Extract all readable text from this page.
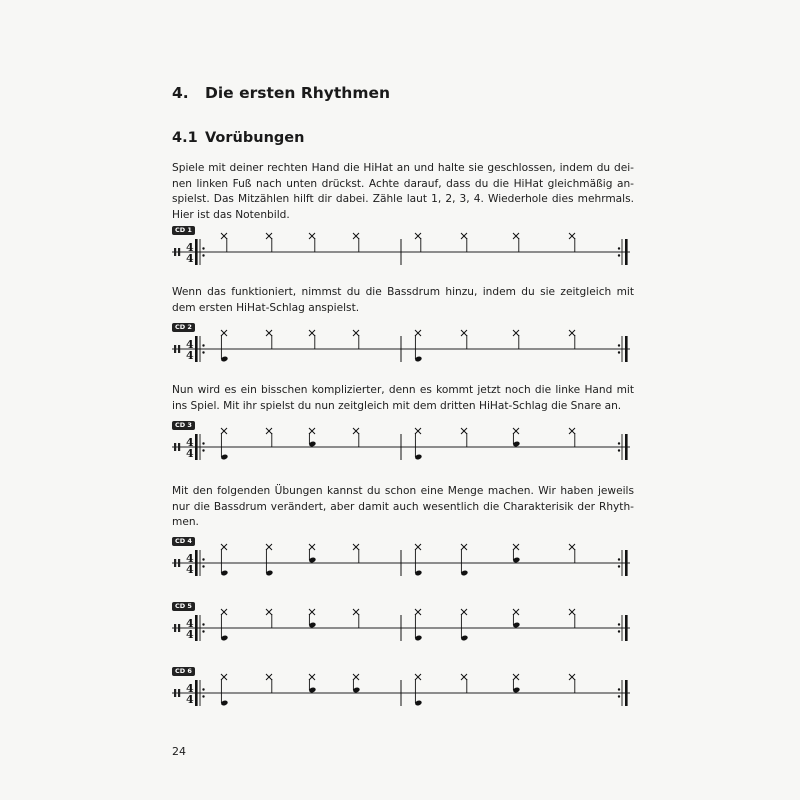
4. Die ersten Rhythmen
4.1 Vorübungen
Spiele mit deiner rechten Hand die HiHat an und halte sie geschlossen, indem du dei-
nen linken Fuß nach unten drückst. Achte darauf, dass du die HiHat gleichmäßig an-
spielst. Das Mitzählen hilft dir dabei. Zähle laut 1, 2, 3, 4. Wiederhole dies mehrmals.
Hier ist das Notenbild.
CD 1
4
4
Wenn das funktioniert, nimmst du die Bassdrum hinzu, indem du sie zeitgleich mit
dem ersten HiHat-Schlag anspielst.
CD 2
4
4
Nun wird es ein bisschen komplizierter, denn es kommt jetzt noch die linke Hand mit
ins Spiel. Mit ihr spielst du nun zeitgleich mit dem dritten HiHat-Schlag die Snare an.
CD 3
4
4
Mit den folgenden Übungen kannst du schon eine Menge machen. Wir haben jeweils
nur die Bassdrum verändert, aber damit auch wesentlich die Charakterisik der Rhyth-
men.
CD 4
4
4
CD 5
4
4
CD 6
4
4
24
